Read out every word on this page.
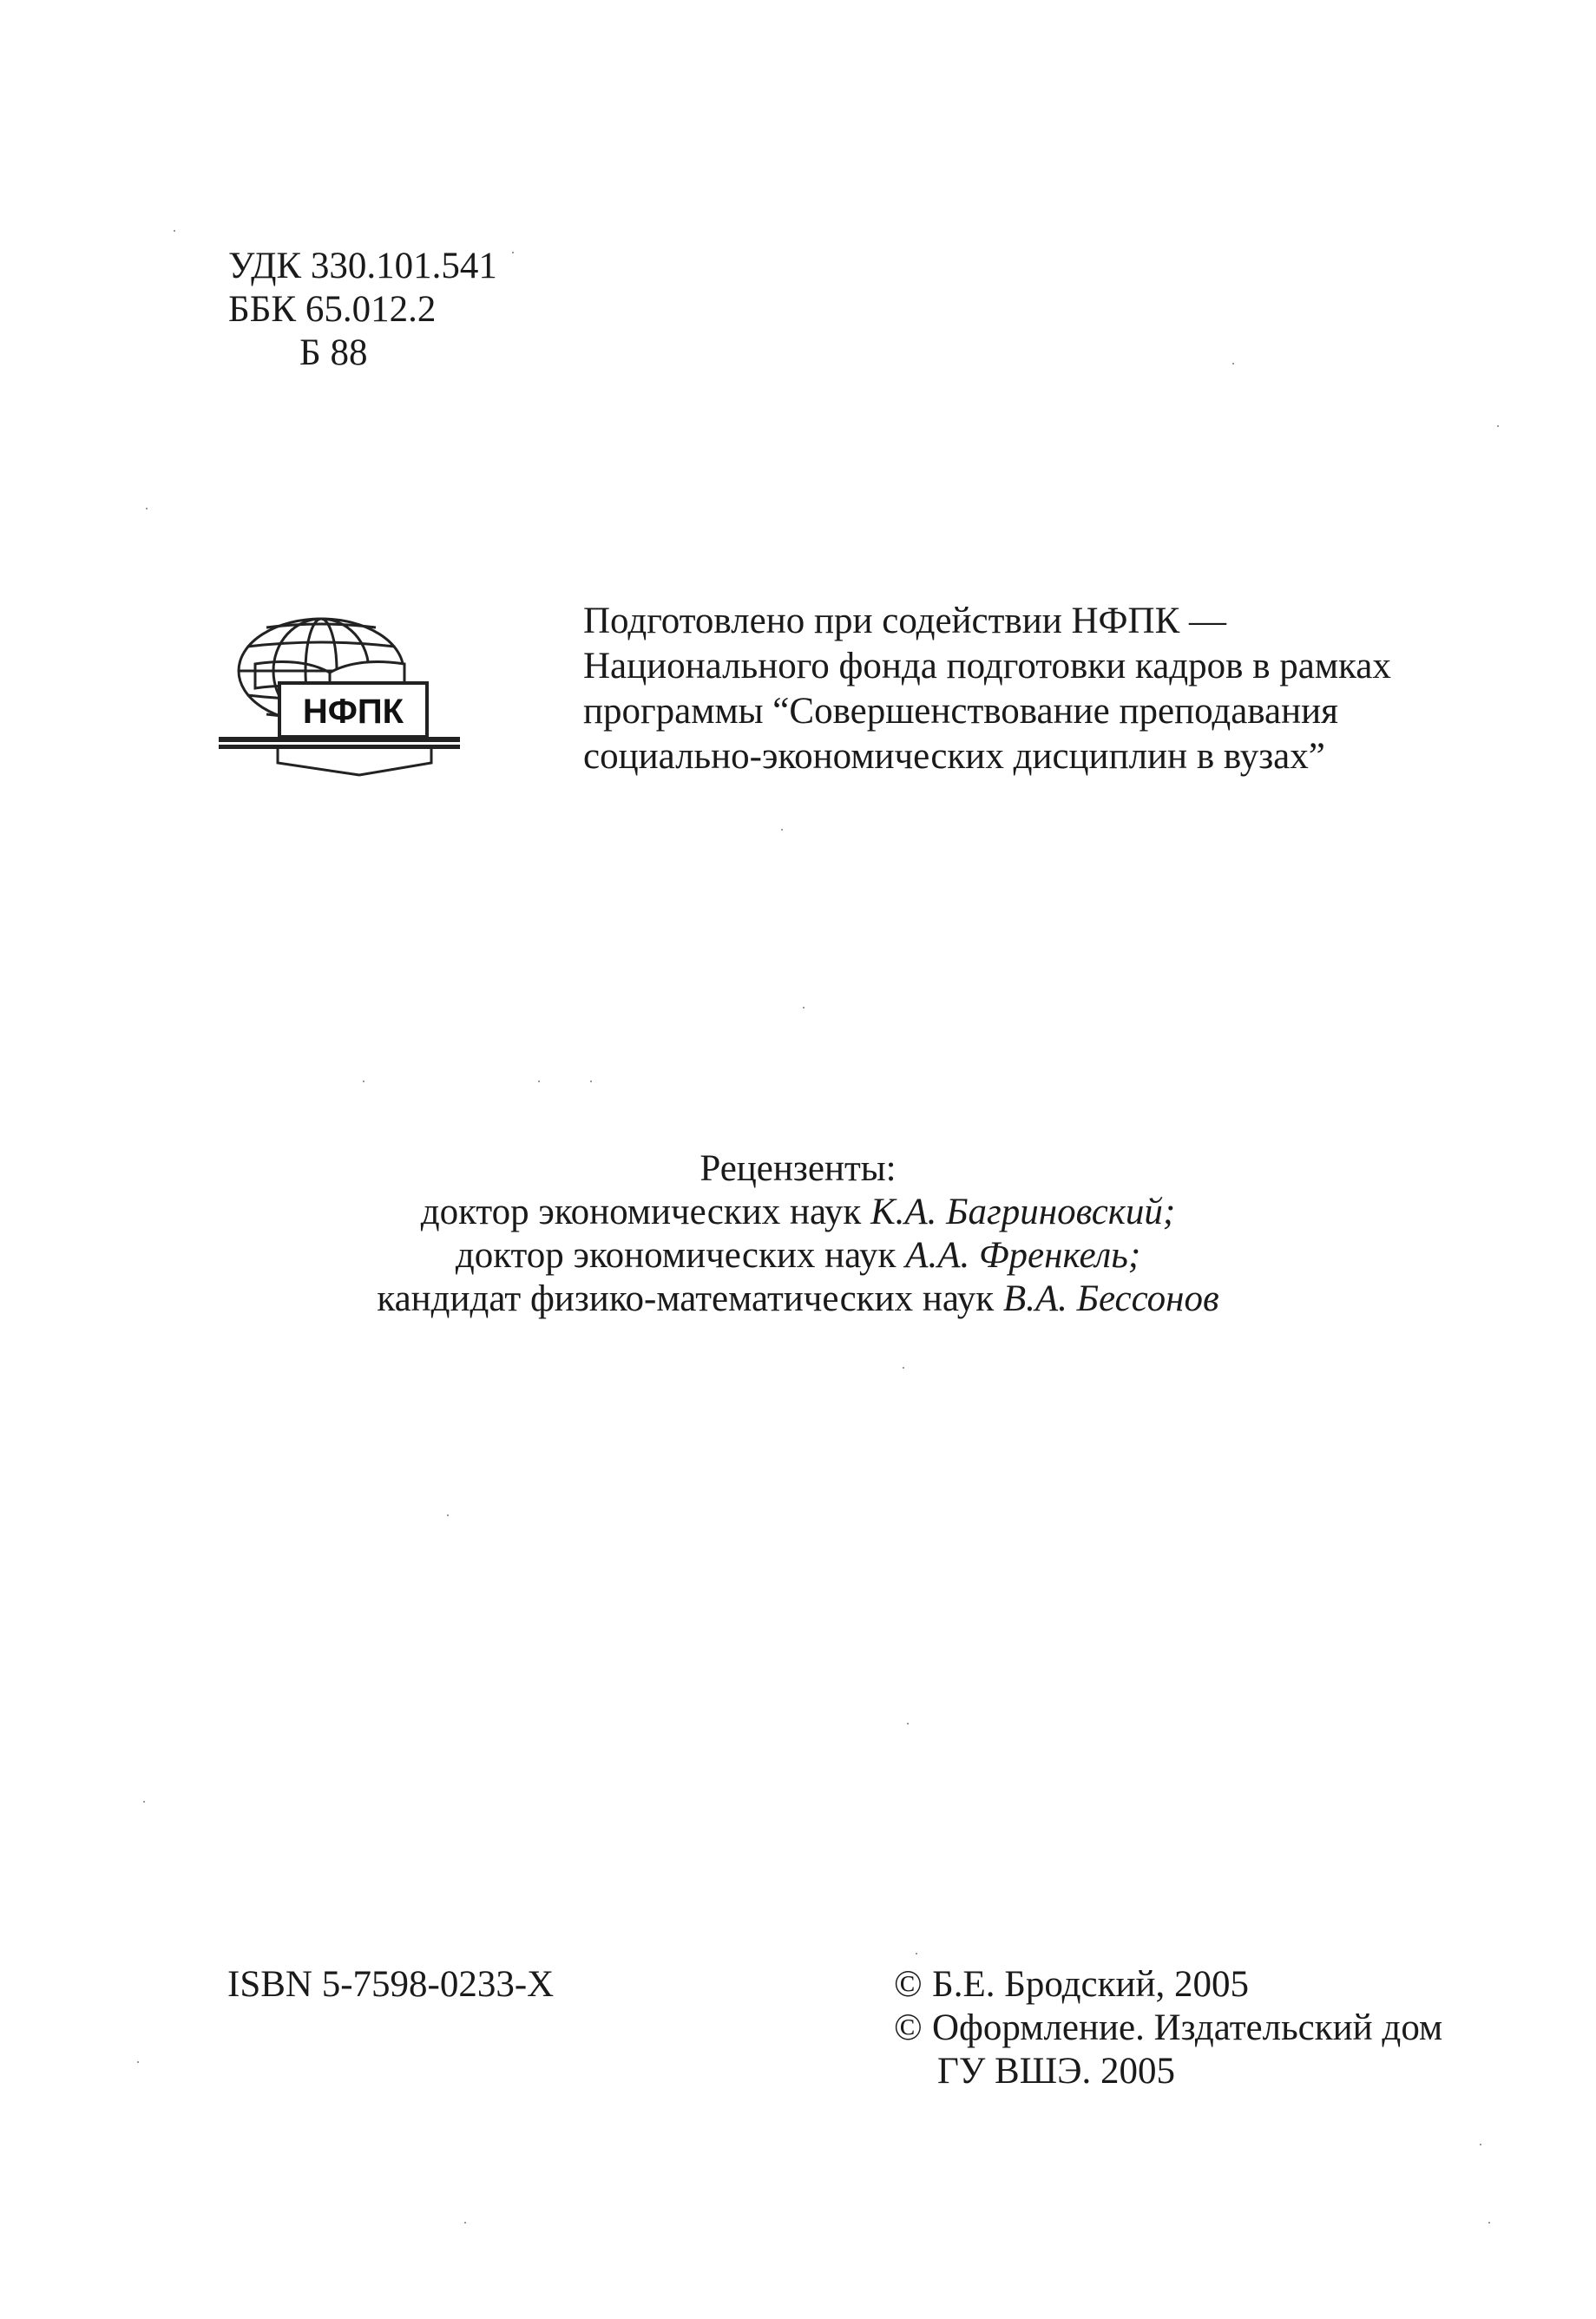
УДК 330.101.541
ББК 65.012.2
Б 88
НФПК
Подготовлено при содействии НФПК —
Национального фонда подготовки кадров в рамках
программы “Совершенствование преподавания
социально-экономических дисциплин в вузах”
Рецензенты:
доктор экономических наук К.А. Багриновский;
доктор экономических наук А.А. Френкель;
кандидат физико-математических наук В.А. Бессонов
ISBN 5-7598-0233-X	© Б.Е. Бродский, 2005
© Оформление. Издательский дом
ГУ ВШЭ. 2005
